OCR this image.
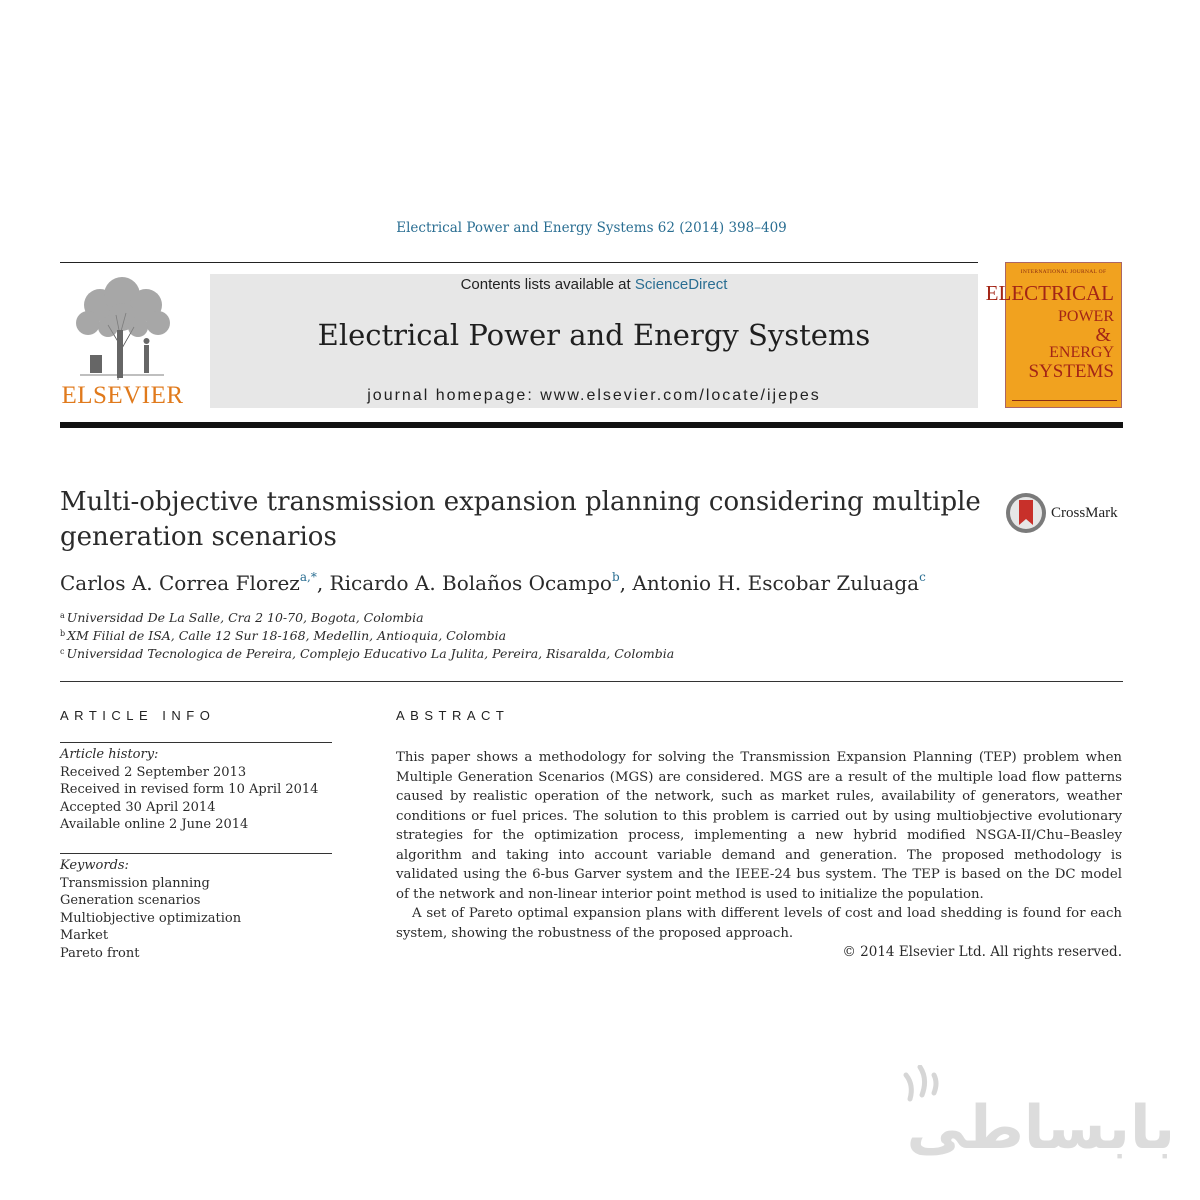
Electrical Power and Energy Systems 62 (2014) 398–409
ELSEVIER
Contents lists available at ScienceDirect
Electrical Power and Energy Systems
journal homepage: www.elsevier.com/locate/ijepes
INTERNATIONAL JOURNAL OF
ELECTRICAL
POWER
&
ENERGY
SYSTEMS
Multi-objective transmission expansion planning considering multiple generation scenarios
CrossMark
Carlos A. Correa Florez$^{a,*}$, Ricardo A. Bolaños Ocampo$^b$, Antonio H. Escobar Zuluaga$^c$
$^a$ Universidad De La Salle, Cra 2 10-70, Bogota, Colombia
$^b$ XM Filial de ISA, Calle 12 Sur 18-168, Medellin, Antioquia, Colombia
$^c$ Universidad Tecnologica de Pereira, Complejo Educativo La Julita, Pereira, Risaralda, Colombia
ARTICLE INFO
Article history:
Received 2 September 2013
Received in revised form 10 April 2014
Accepted 30 April 2014
Available online 2 June 2014
Keywords:
Transmission planning
Generation scenarios
Multiobjective optimization
Market
Pareto front
ABSTRACT

This paper shows a methodology for solving the Transmission Expansion Planning (TEP) problem when Multiple Generation Scenarios (MGS) are considered. MGS are a result of the multiple load flow patterns caused by realistic operation of the network, such as market rules, availability of generators, weather conditions or fuel prices. The solution to this problem is carried out by using multiobjective evolutionary strategies for the optimization process, implementing a new hybrid modified NSGA-II/Chu–Beasley algorithm and taking into account variable demand and generation. The proposed methodology is validated using the 6-bus Garver system and the IEEE-24 bus system. The TEP is based on the DC model of the network and non-linear interior point method is used to initialize the population.

A set of Pareto optimal expansion plans with different levels of cost and load shedding is found for each system, showing the robustness of the proposed approach.

© 2014 Elsevier Ltd. All rights reserved.
بابساطی
